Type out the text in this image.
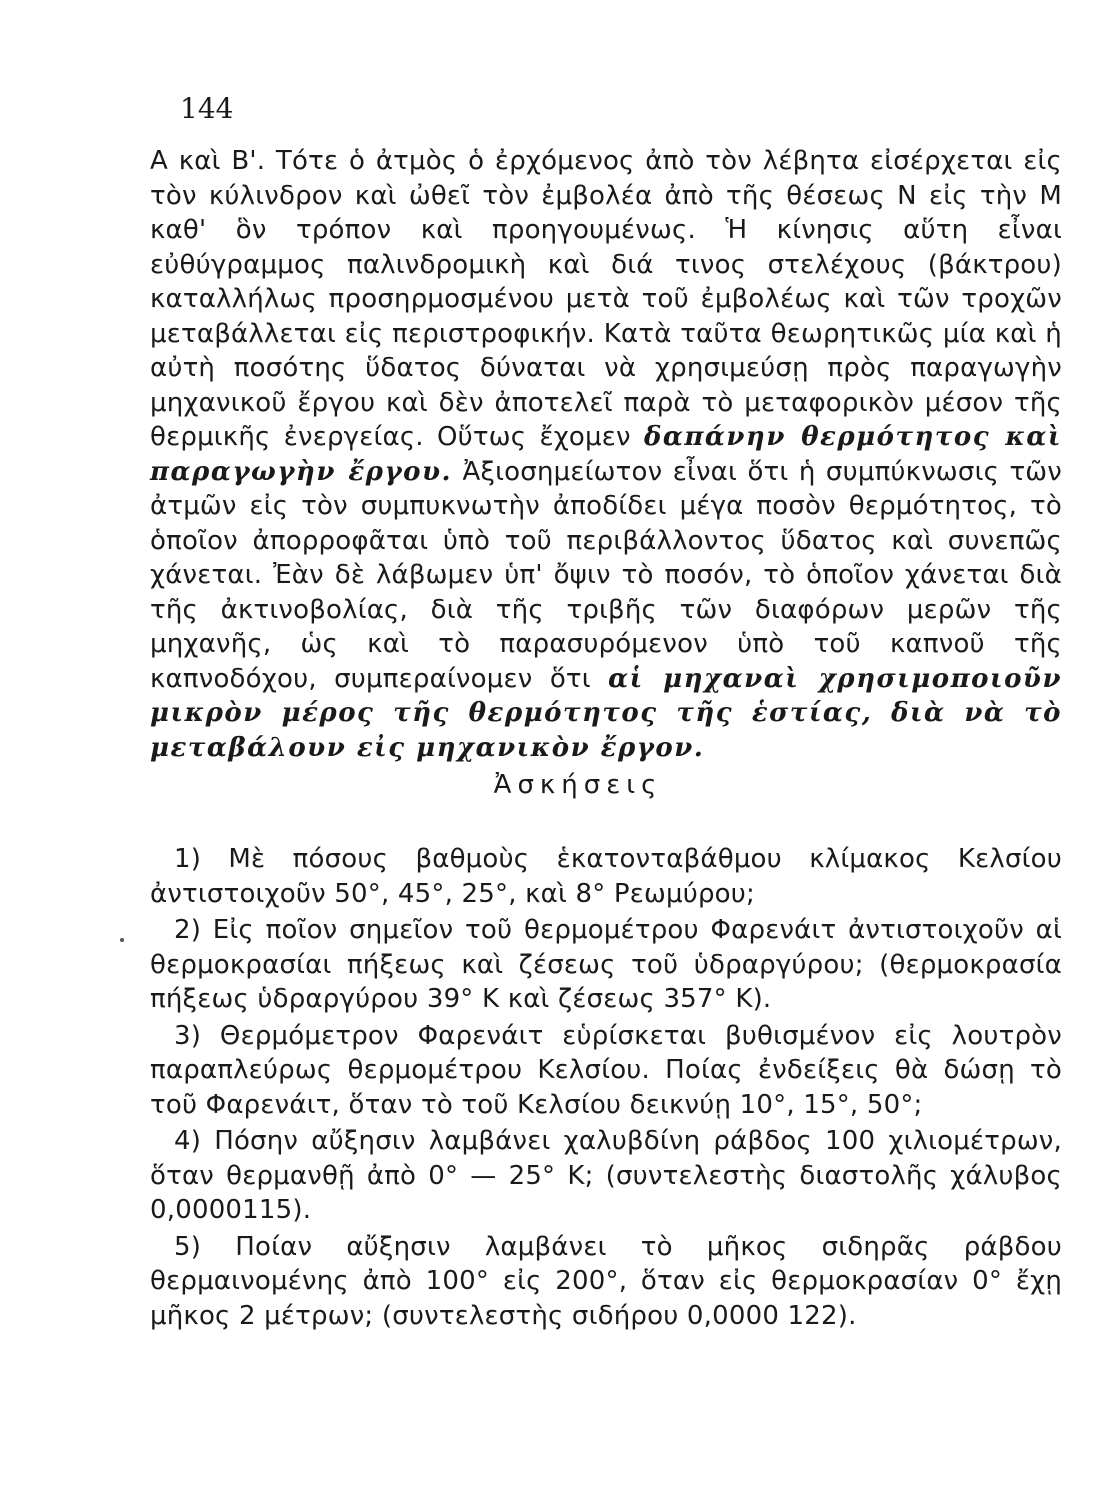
144

Α καὶ Β'. Τότε ὁ ἀτμὸς ὁ ἐρχόμενος ἀπὸ τὸν λέβητα εἰσέρχεται εἰς τὸν κύλινδρον καὶ ὠθεῖ τὸν ἐμβολέα ἀπὸ τῆς θέσεως Ν εἰς τὴν Μ καθ' ὃν τρόπον καὶ προηγουμένως. Ἡ κίνησις αὕτη εἶναι εὐθύγραμμος παλινδρομικὴ καὶ διά τινος στελέχους (βάκτρου) καταλλήλως προσηρμοσμένου μετὰ τοῦ ἐμβολέως καὶ τῶν τροχῶν μεταβάλλεται εἰς περιστροφικήν. Κατὰ ταῦτα θεωρητικῶς μία καὶ ἡ αὐτὴ ποσότης ὕδατος δύναται νὰ χρησιμεύσῃ πρὸς παραγωγὴν μηχανικοῦ ἔργου καὶ δὲν ἀποτελεῖ παρὰ τὸ μεταφορικὸν μέσον τῆς θερμικῆς ἐνεργείας. Οὕτως ἔχομεν δαπάνην θερμότητος καὶ παραγωγὴν ἔργου. Ἀξιοσημείωτον εἶναι ὅτι ἡ συμπύκνωσις τῶν ἀτμῶν εἰς τὸν συμπυκνωτὴν ἀποδίδει μέγα ποσὸν θερμότητος, τὸ ὁποῖον ἀπορροφᾶται ὑπὸ τοῦ περιβάλλοντος ὕδατος καὶ συνεπῶς χάνεται. Ἐὰν δὲ λάβωμεν ὑπ' ὄψιν τὸ ποσόν, τὸ ὁποῖον χάνεται διὰ τῆς ἀκτινοβολίας, διὰ τῆς τριβῆς τῶν διαφόρων μερῶν τῆς μηχανῆς, ὡς καὶ τὸ παρασυρόμενον ὑπὸ τοῦ καπνοῦ τῆς καπνοδόχου, συμπεραίνομεν ὅτι αἱ μηχαναὶ χρησιμοποιοῦν μικρὸν μέρος τῆς θερμότητος τῆς ἑστίας, διὰ νὰ τὸ μεταβάλουν εἰς μηχανικὸν ἔργον.

Ἀσκήσεις

1) Μὲ πόσους βαθμοὺς ἑκατονταβάθμου κλίμακος Κελσίου ἀντιστοιχοῦν 50°, 45°, 25°, καὶ 8° Ρεωμύρου;

2) Εἰς ποῖον σημεῖον τοῦ θερμομέτρου Φαρενάιτ ἀντιστοιχοῦν αἱ θερμοκρασίαι πήξεως καὶ ζέσεως τοῦ ὑδραργύρου; (θερμοκρασία πήξεως ὑδραργύρου 39° Κ καὶ ζέσεως 357° Κ).

3) Θερμόμετρον Φαρενάιτ εὑρίσκεται βυθισμένον εἰς λουτρὸν παραπλεύρως θερμομέτρου Κελσίου. Ποίας ἐνδείξεις θὰ δώσῃ τὸ τοῦ Φαρενάιτ, ὅταν τὸ τοῦ Κελσίου δεικνύῃ 10°, 15°, 50°;

4) Πόσην αὔξησιν λαμβάνει χαλυβδίνη ράβδος 100 χιλιομέτρων, ὅταν θερμανθῇ ἀπὸ 0° — 25° Κ; (συντελεστὴς διαστολῆς χάλυβος 0,0000115).

5) Ποίαν αὔξησιν λαμβάνει τὸ μῆκος σιδηρᾶς ράβδου θερμαινομένης ἀπὸ 100° εἰς 200°, ὅταν εἰς θερμοκρασίαν 0° ἔχῃ μῆκος 2 μέτρων; (συντελεστὴς σιδήρου 0,0000 122).
